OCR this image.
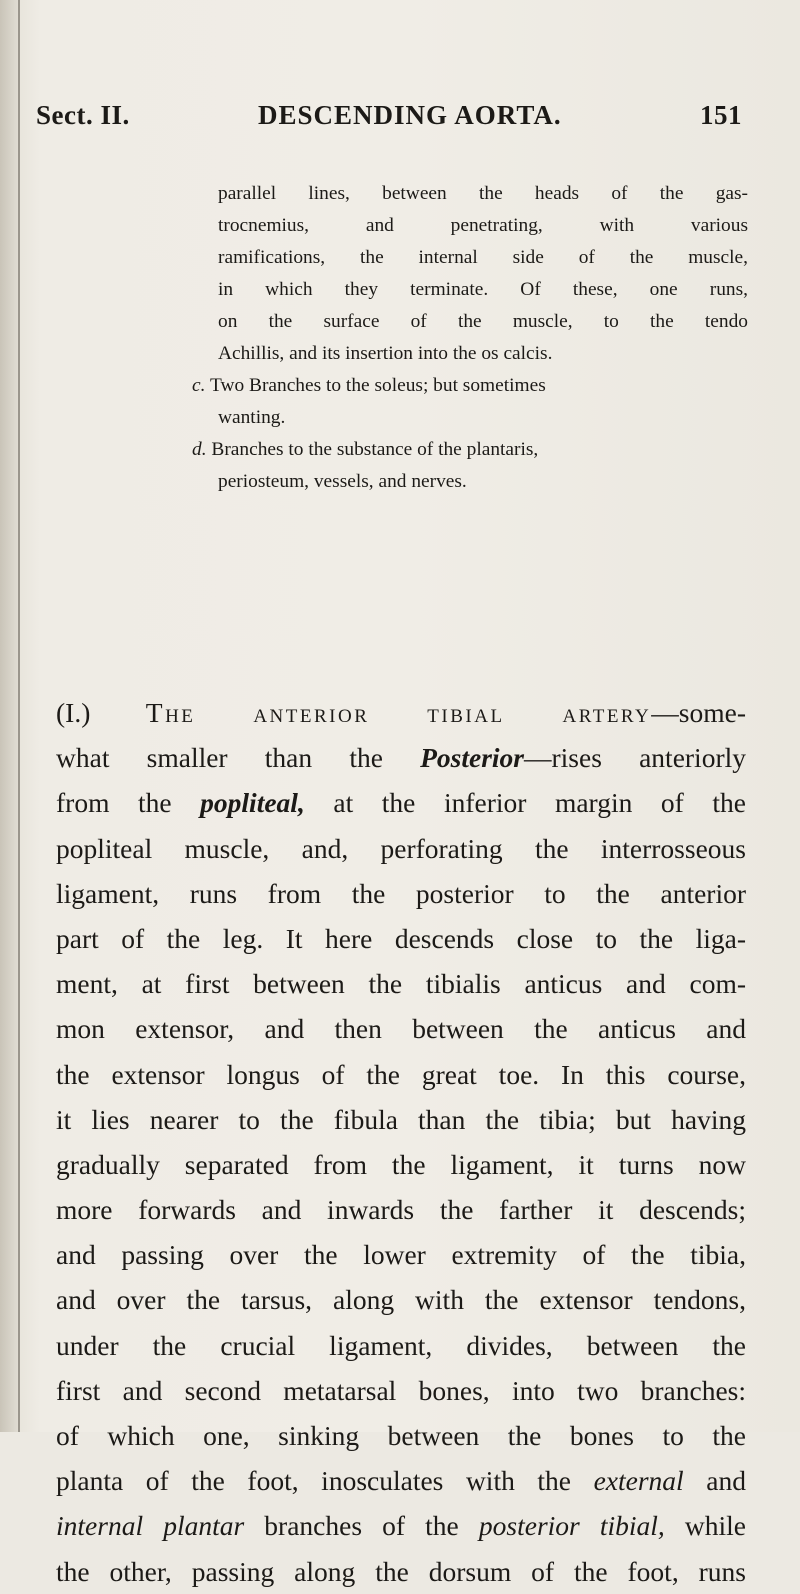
Sect. II.	DESCENDING AORTA.	151
parallel lines, between the heads of the gas-
trocnemius, and penetrating, with various
ramifications, the internal side of the muscle,
in which they terminate. Of these, one runs,
on the surface of the muscle, to the tendo
Achillis, and its insertion into the os calcis.
c. Two Branches to the soleus; but sometimes
wanting.
d. Branches to the substance of the plantaris,
periosteum, vessels, and nerves.
(I.) The anterior tibial artery—some-
what smaller than the Posterior—rises anteriorly
from the popliteal, at the inferior margin of the
popliteal muscle, and, perforating the interrosseous
ligament, runs from the posterior to the anterior
part of the leg. It here descends close to the liga-
ment, at first between the tibialis anticus and com-
mon extensor, and then between the anticus and
the extensor longus of the great toe. In this course,
it lies nearer to the fibula than the tibia; but having
gradually separated from the ligament, it turns now
more forwards and inwards the farther it descends;
and passing over the lower extremity of the tibia,
and over the tarsus, along with the extensor tendons,
under the crucial ligament, divides, between the
first and second metatarsal bones, into two branches:
of which one, sinking between the bones to the
planta of the foot, inosculates with the external and
internal plantar branches of the posterior tibial, while
the other, passing along the dorsum of the foot, runs
